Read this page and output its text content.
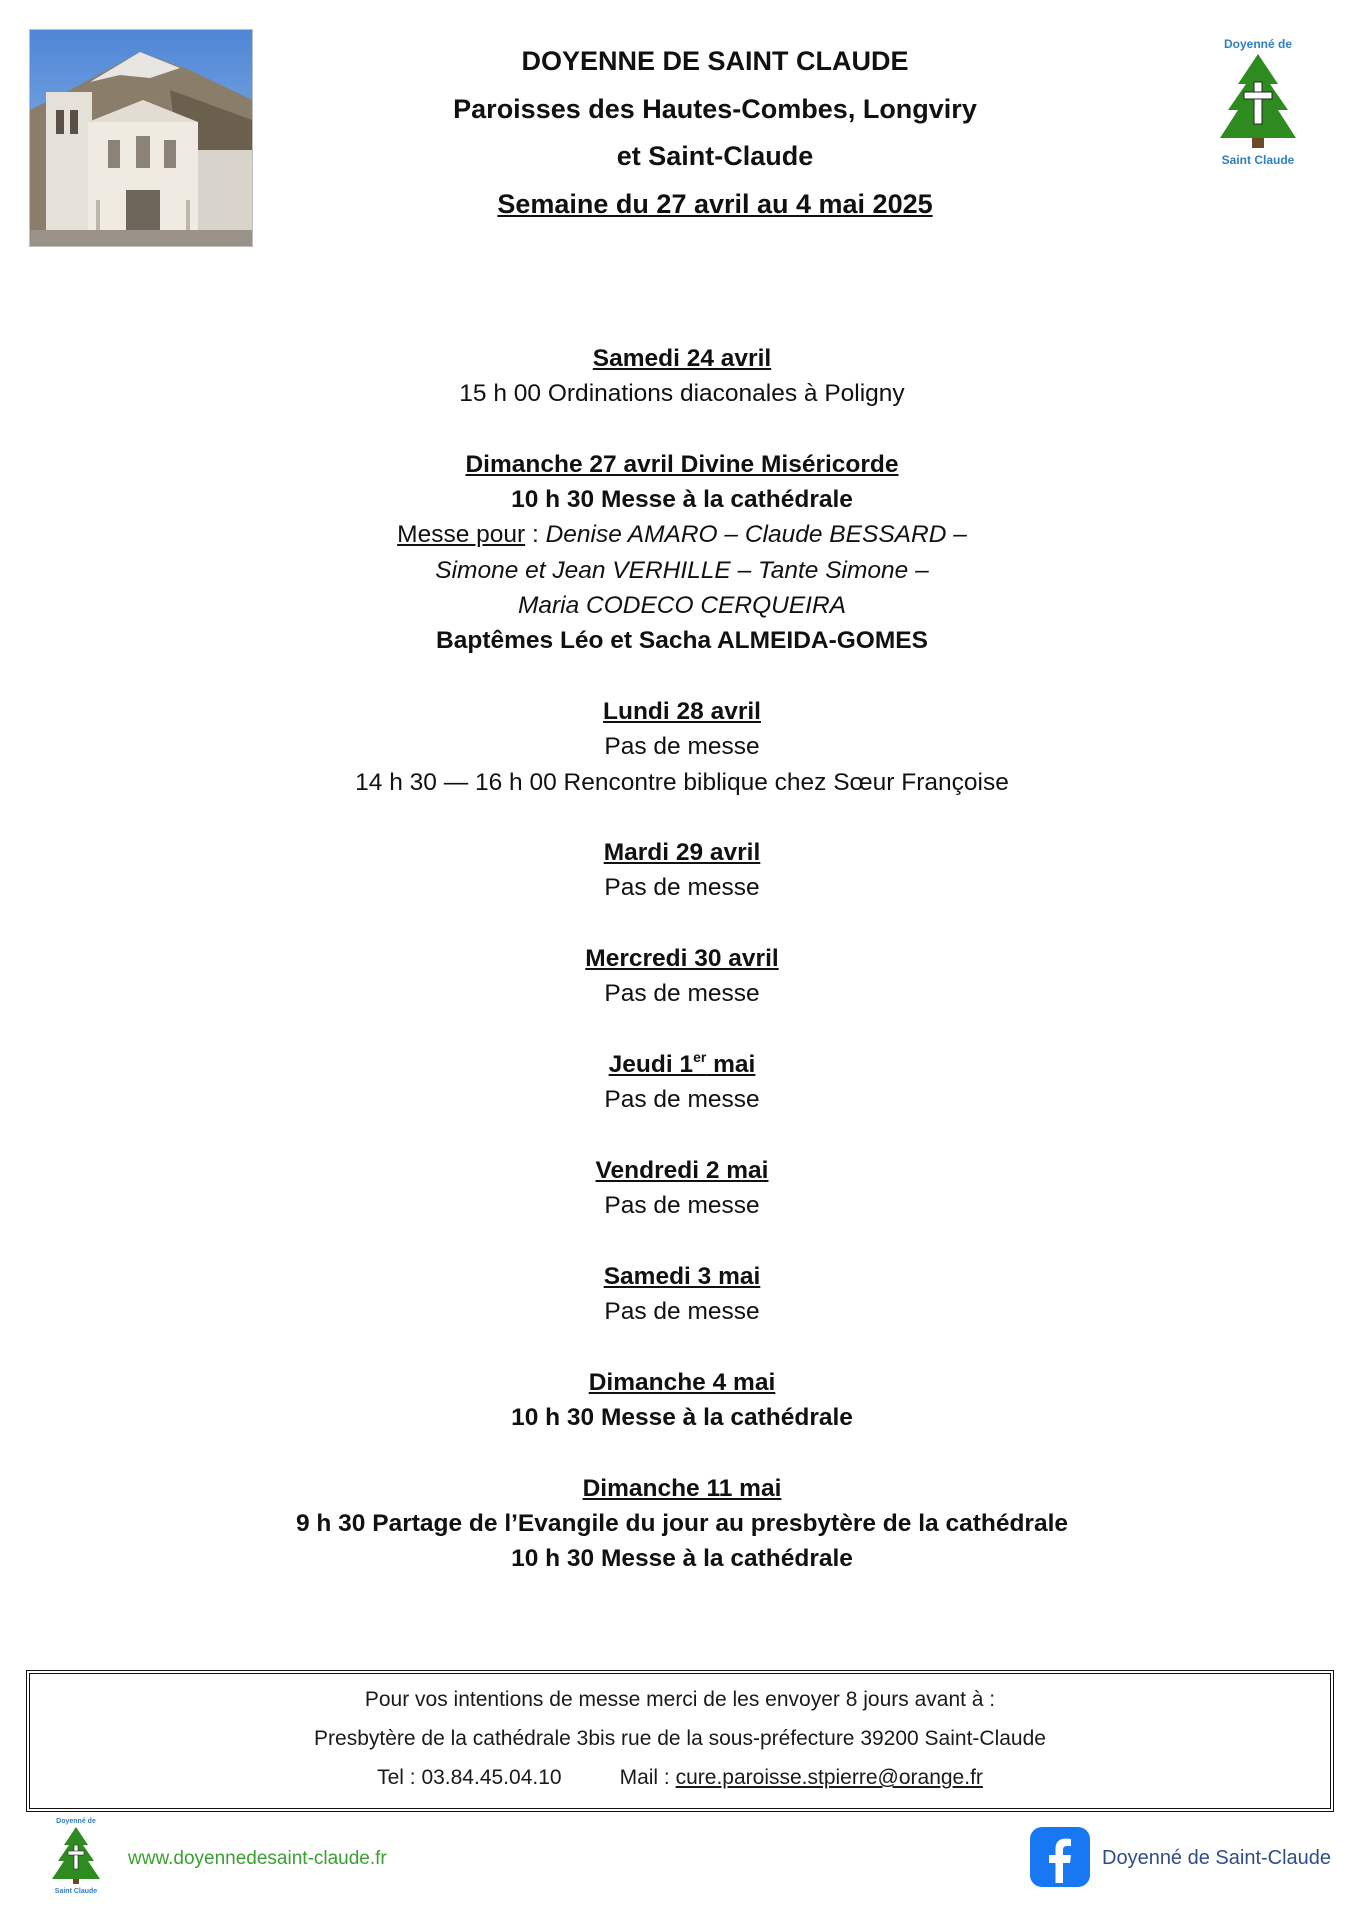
Doyenné de
Saint Claude
DOYENNE DE SAINT CLAUDE
Paroisses des Hautes-Combes, Longviry
et Saint-Claude
Semaine du 27 avril au 4 mai 2025
Samedi 24 avril
15 h 00 Ordinations diaconales à Poligny
Dimanche 27 avril Divine Miséricorde
10 h 30 Messe à la cathédrale
Messe pour : Denise AMARO – Claude BESSARD –
Simone et Jean VERHILLE – Tante Simone –
Maria CODECO CERQUEIRA
Baptêmes Léo et Sacha ALMEIDA-GOMES
Lundi 28 avril
Pas de messe
14 h 30 — 16 h 00 Rencontre biblique chez Sœur Françoise
Mardi 29 avril
Pas de messe
Mercredi 30 avril
Pas de messe
Jeudi 1er mai
Pas de messe
Vendredi 2 mai
Pas de messe
Samedi 3 mai
Pas de messe
Dimanche 4 mai
10 h 30 Messe à la cathédrale
Dimanche 11 mai
9 h 30 Partage de l’Evangile du jour au presbytère de la cathédrale
10 h 30 Messe à la cathédrale
Pour vos intentions de messe merci de les envoyer 8 jours avant à :
Presbytère de la cathédrale 3bis rue de la sous-préfecture 39200 Saint-Claude
Tel : 03.84.45.04.10	Mail : cure.paroisse.stpierre@orange.fr
Doyenné de
Saint Claude
www.doyennedesaint-claude.fr	Doyenné de Saint-Claude
